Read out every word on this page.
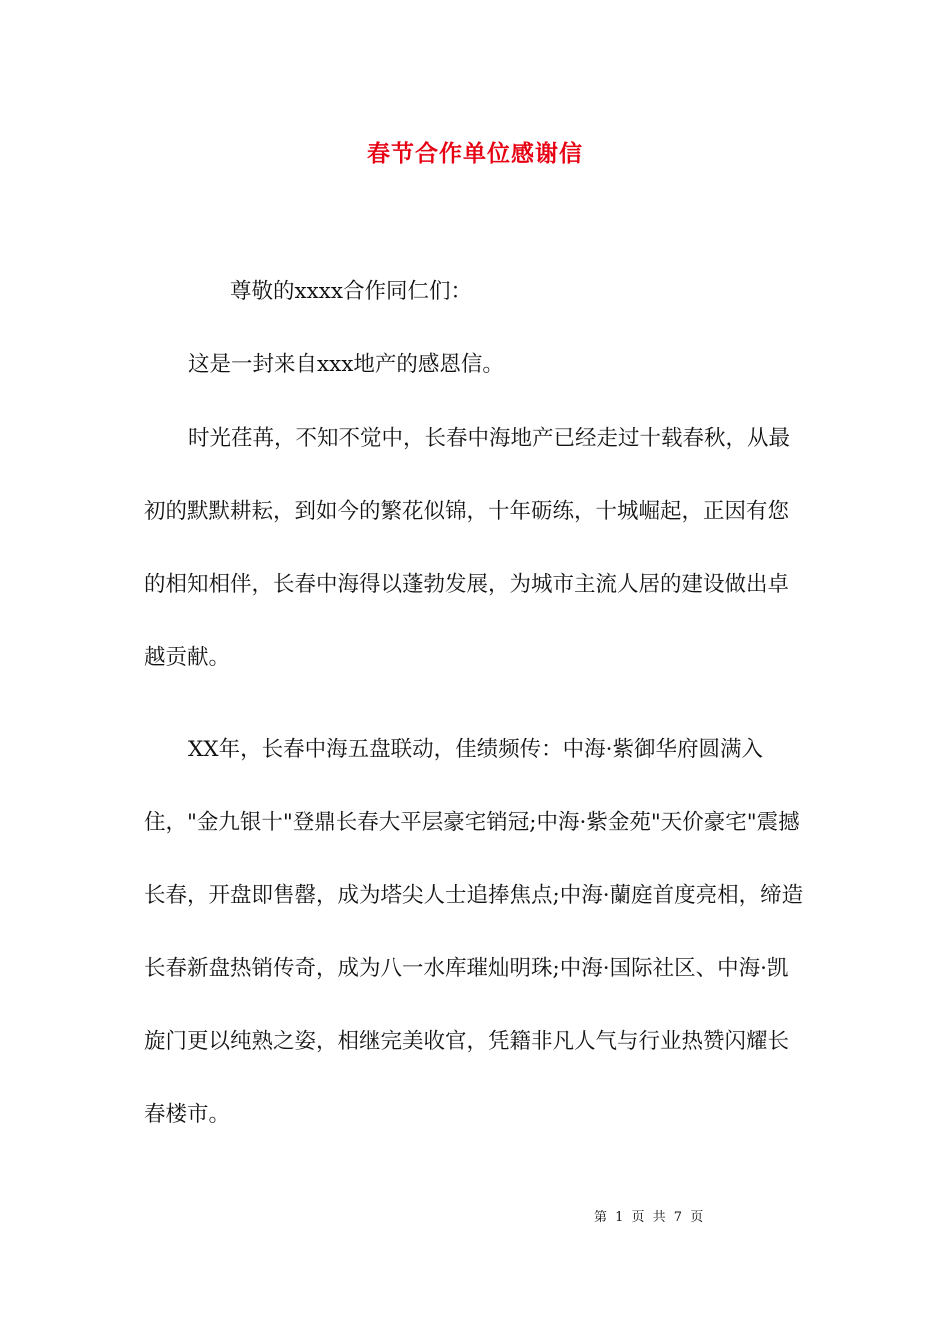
春节合作单位感谢信

尊敬的xxxx合作同仁们：

这是一封来自xxx地产的感恩信。

时光荏苒，不知不觉中，长春中海地产已经走过十载春秋，从最初的默默耕耘，到如今的繁花似锦，十年砺练，十城崛起，正因有您的相知相伴，长春中海得以蓬勃发展，为城市主流人居的建设做出卓越贡献。

XX年，长春中海五盘联动，佳绩频传：中海·紫御华府圆满入住，"金九银十"登鼎长春大平层豪宅销冠;中海·紫金苑"天价豪宅"震撼长春，开盘即售罄，成为塔尖人士追捧焦点;中海·蘭庭首度亮相，缔造长春新盘热销传奇，成为八一水库璀灿明珠;中海·国际社区、中海·凯旋门更以纯熟之姿，相继完美收官，凭籍非凡人气与行业热赞闪耀长春楼市。

第 1 页 共 7 页
